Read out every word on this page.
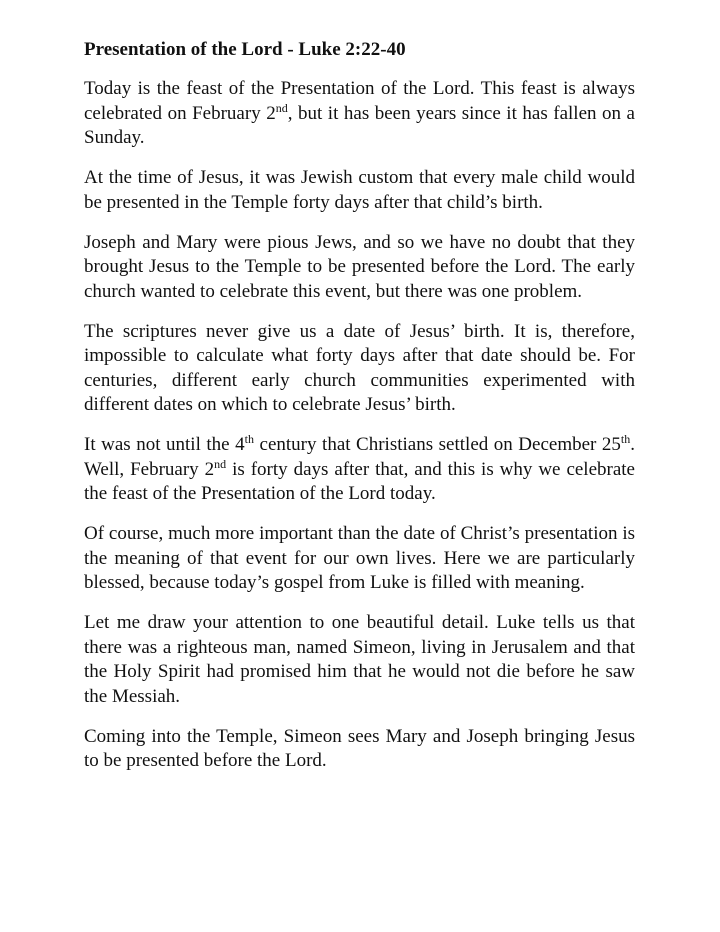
Presentation of the Lord - Luke 2:22-40

Today is the feast of the Presentation of the Lord. This feast is always celebrated on February 2nd, but it has been years since it has fallen on a Sunday.

At the time of Jesus, it was Jewish custom that every male child would be presented in the Temple forty days after that child’s birth.

Joseph and Mary were pious Jews, and so we have no doubt that they brought Jesus to the Temple to be presented before the Lord. The early church wanted to celebrate this event, but there was one problem.

The scriptures never give us a date of Jesus’ birth. It is, therefore, impossible to calculate what forty days after that date should be. For centuries, different early church communities experimented with different dates on which to celebrate Jesus’ birth.

It was not until the 4th century that Christians settled on December 25th. Well, February 2nd is forty days after that, and this is why we celebrate the feast of the Presentation of the Lord today.

Of course, much more important than the date of Christ’s presentation is the meaning of that event for our own lives. Here we are particularly blessed, because today’s gospel from Luke is filled with meaning.

Let me draw your attention to one beautiful detail. Luke tells us that there was a righteous man, named Simeon, living in Jerusalem and that the Holy Spirit had promised him that he would not die before he saw the Messiah.

Coming into the Temple, Simeon sees Mary and Joseph bringing Jesus to be presented before the Lord.
